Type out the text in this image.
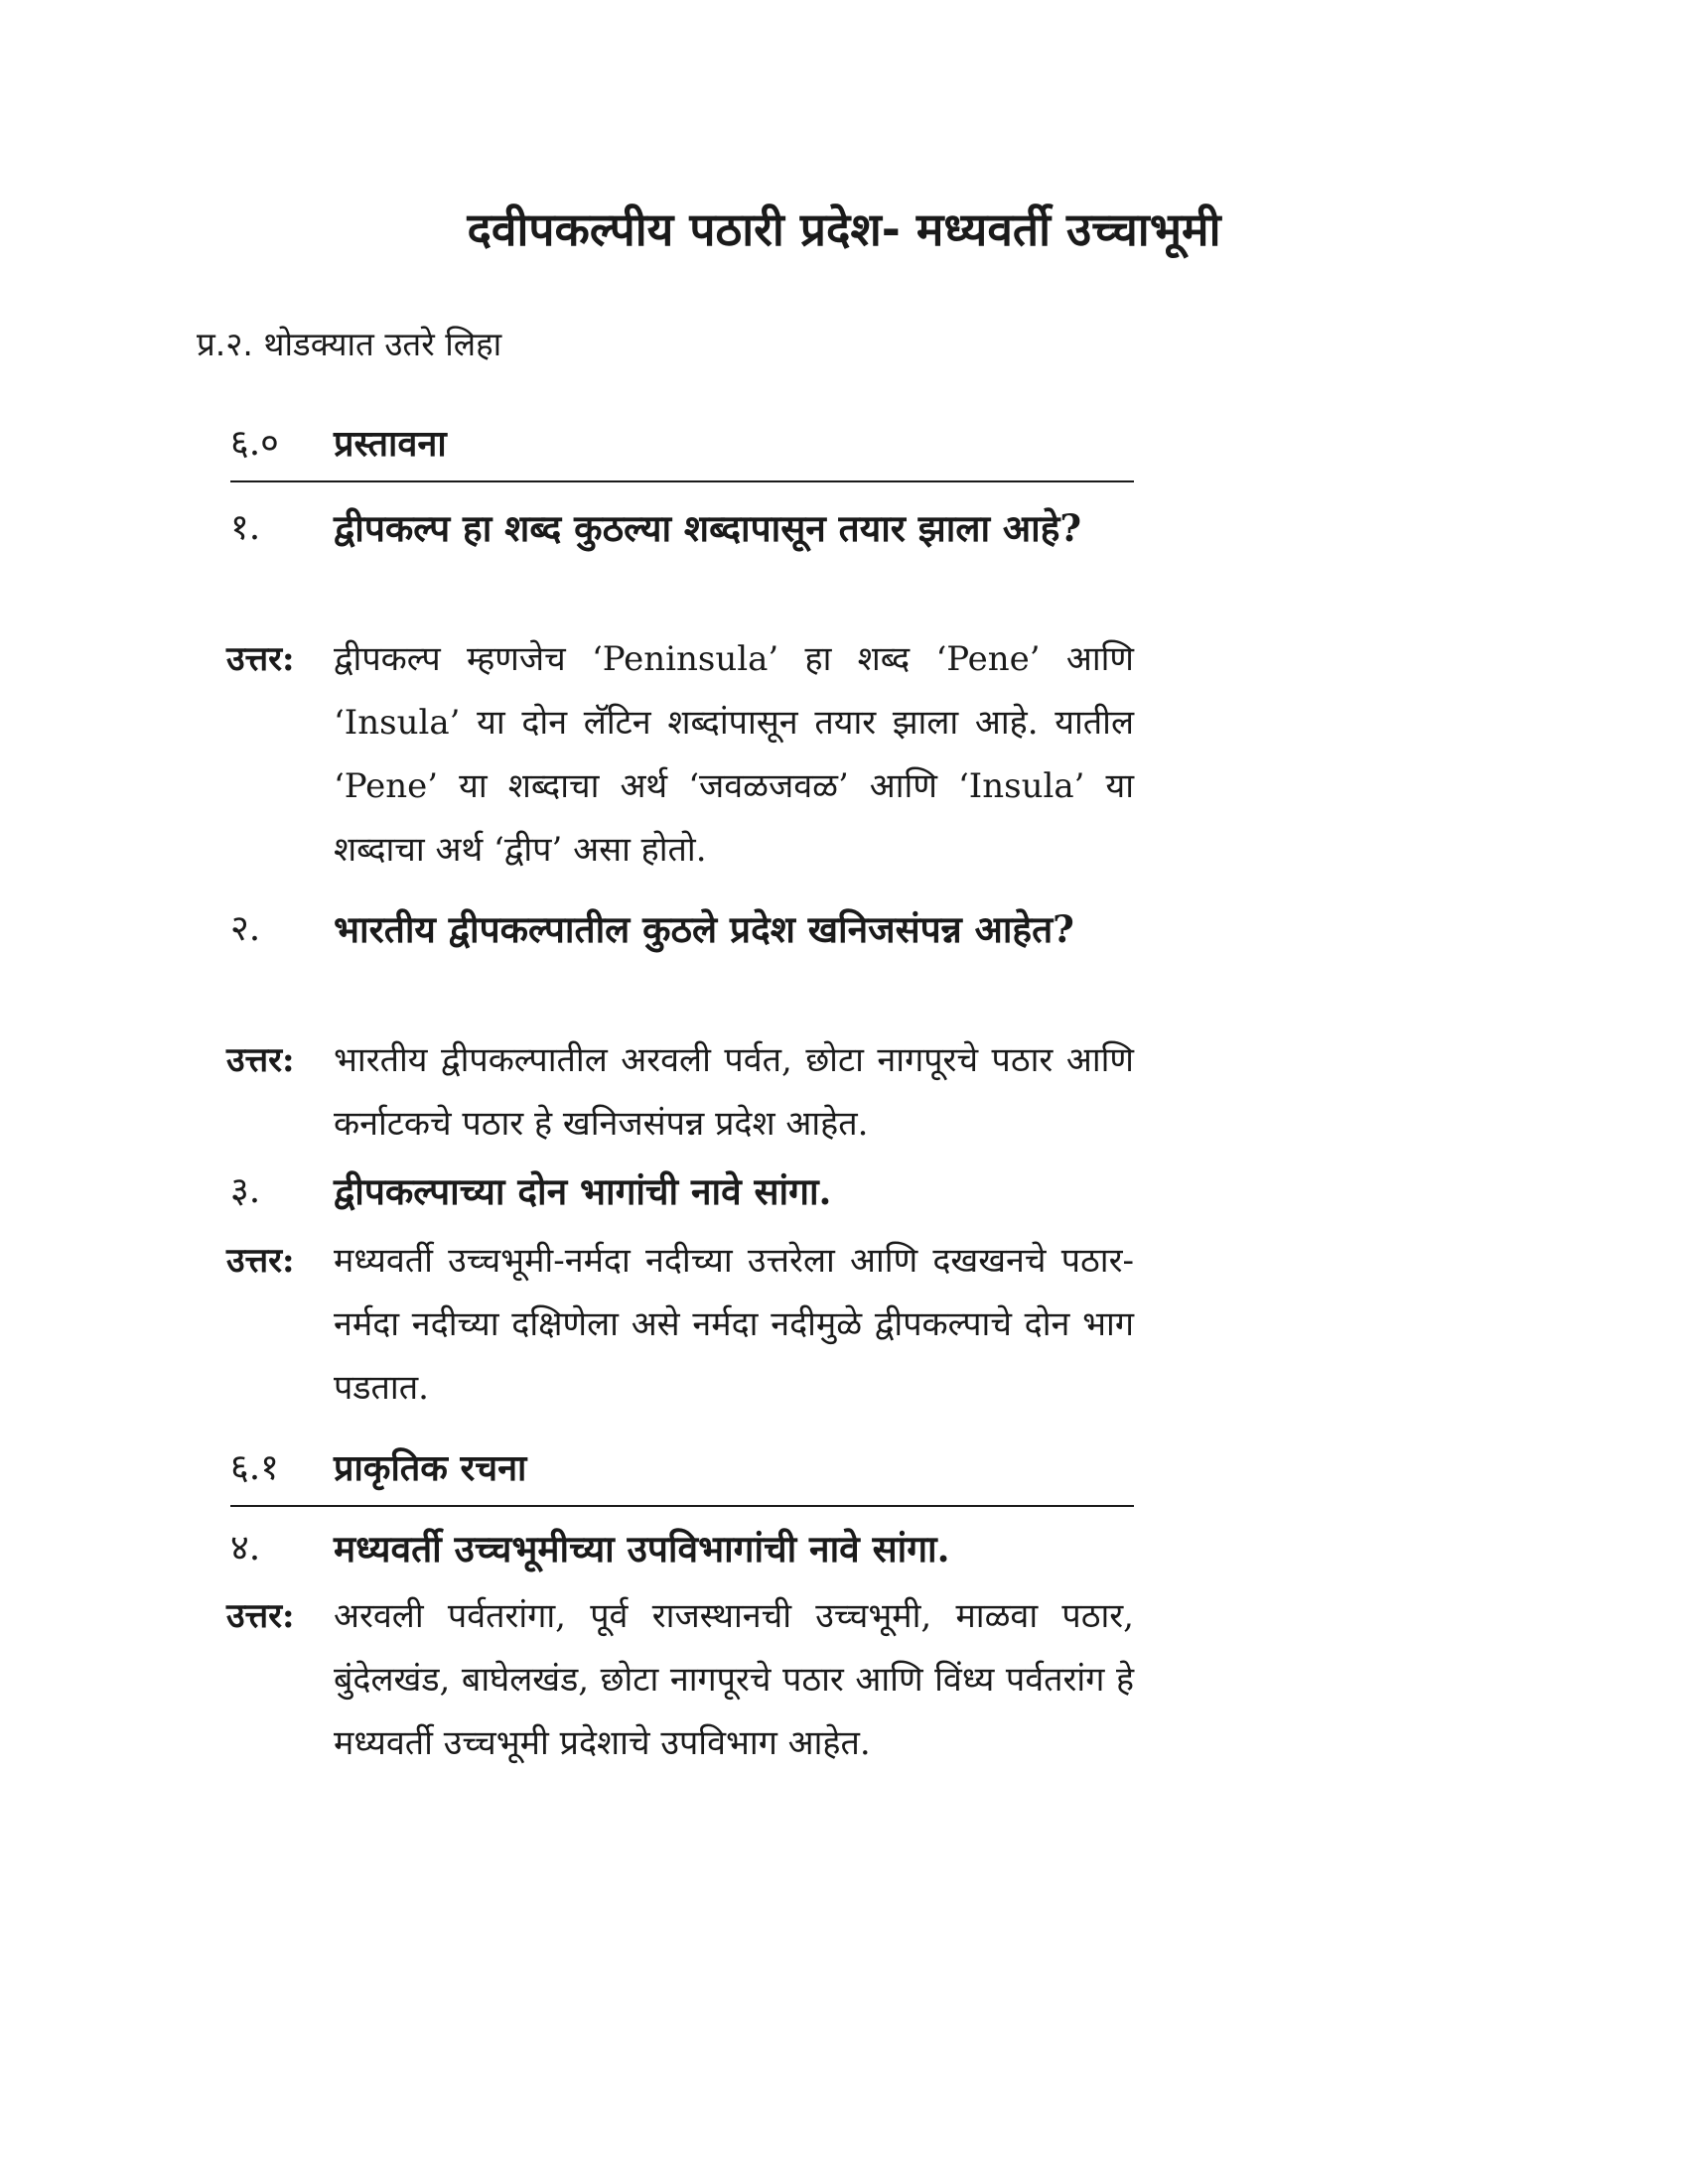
दवीपकल्पीय पठारी प्रदेश- मध्यवर्ती उच्चाभूमी
प्र.२. थोडक्यात उतरे लिहा
६.० प्रस्तावना
१. द्वीपकल्प हा शब्द कुठल्या शब्दापासून तयार झाला आहे?
उत्तर: द्वीपकल्प म्हणजेच ‘Peninsula’ हा शब्द ‘Pene’ आणि ‘Insula’ या दोन लॅटिन शब्दांपासून तयार झाला आहे. यातील ‘Pene’ या शब्दाचा अर्थ ‘जवळजवळ’ आणि ‘Insula’ या शब्दाचा अर्थ ‘द्वीप’ असा होतो.
२. भारतीय द्वीपकल्पातील कुठले प्रदेश खनिजसंपन्न आहेत?
उत्तर: भारतीय द्वीपकल्पातील अरवली पर्वत, छोटा नागपूरचे पठार आणि कर्नाटकचे पठार हे खनिजसंपन्न प्रदेश आहेत.
३. द्वीपकल्पाच्या दोन भागांची नावे सांगा.
उत्तर: मध्यवर्ती उच्चभूमी-नर्मदा नदीच्या उत्तरेला आणि दखखनचे पठार-नर्मदा नदीच्या दक्षिणेला असे नर्मदा नदीमुळे द्वीपकल्पाचे दोन भाग पडतात.
६.१ प्राकृतिक रचना
४. मध्यवर्ती उच्चभूमीच्या उपविभागांची नावे सांगा.
उत्तर: अरवली पर्वतरांगा, पूर्व राजस्थानची उच्चभूमी, माळवा पठार, बुंदेलखंड, बाघेलखंड, छोटा नागपूरचे पठार आणि विंध्य पर्वतरांग हे मध्यवर्ती उच्चभूमी प्रदेशाचे उपविभाग आहेत.
